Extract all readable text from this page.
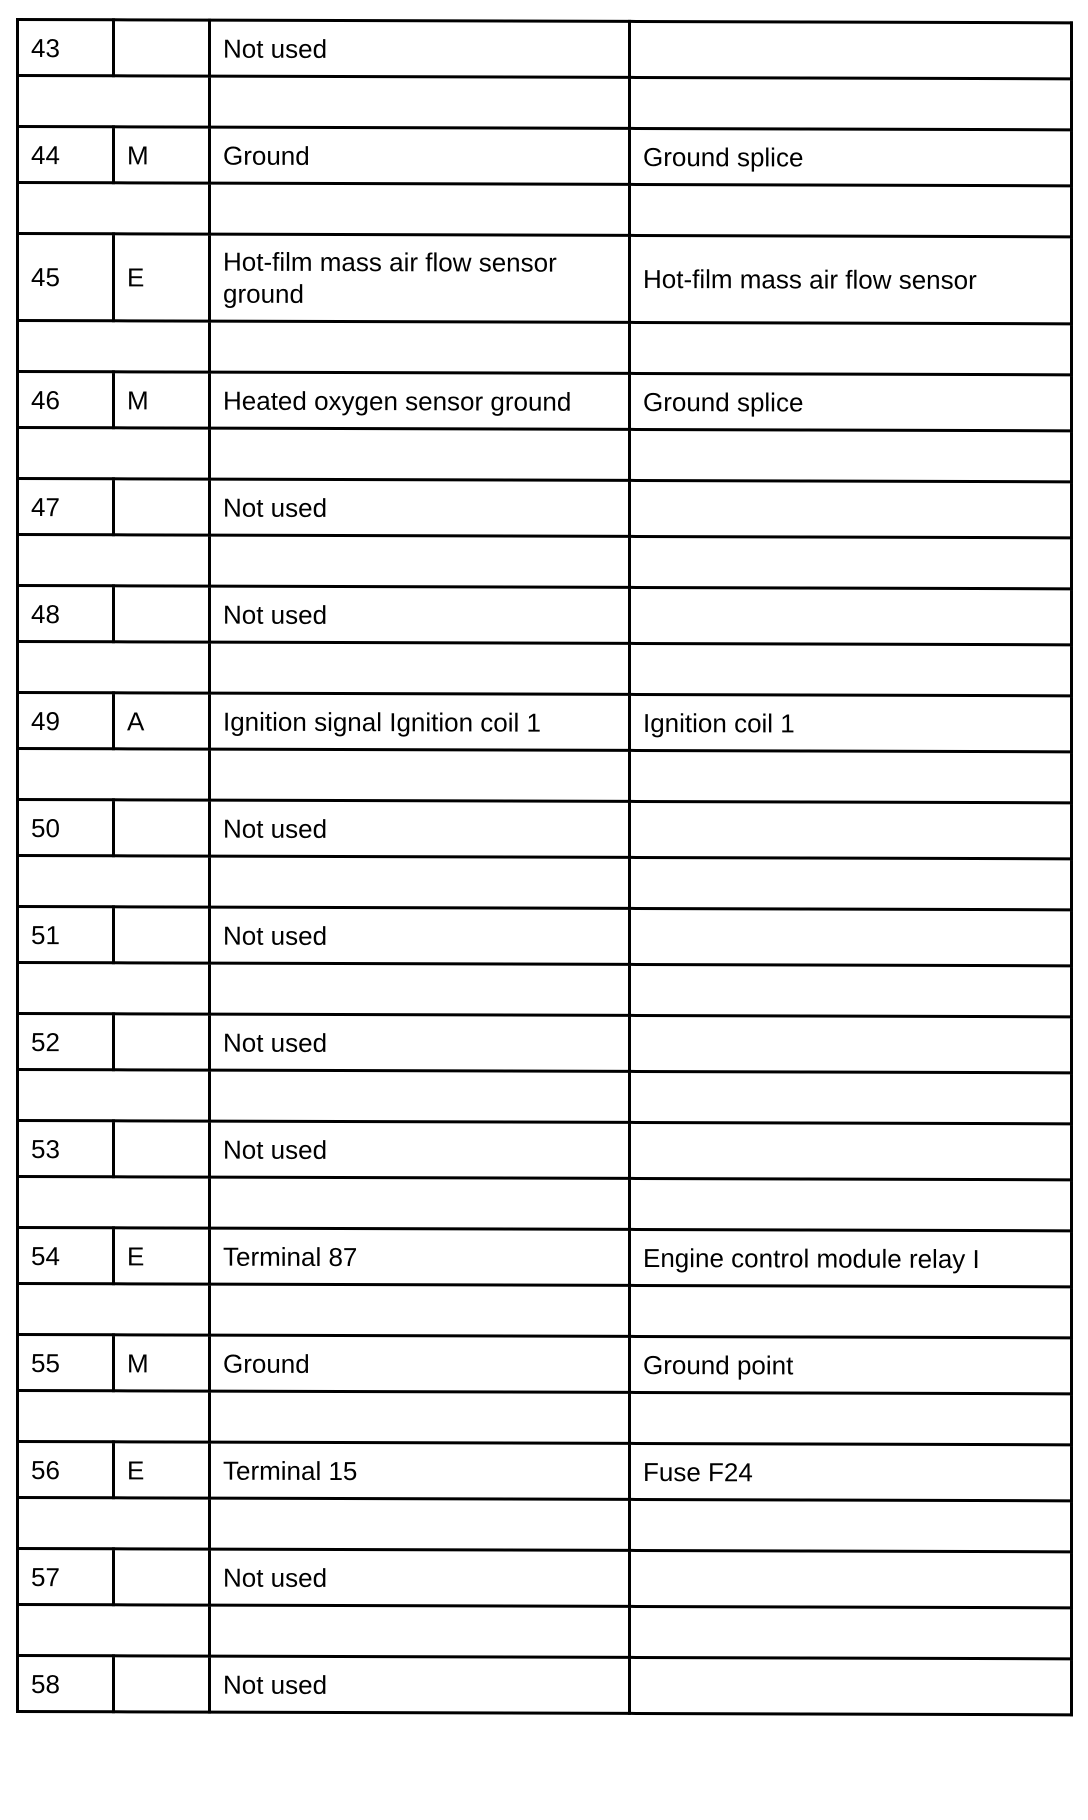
43		Not used	

44	M	Ground	Ground splice

45	E	Hot-film mass air flow sensor ground	Hot-film mass air flow sensor

46	M	Heated oxygen sensor ground	Ground splice

47		Not used	

48		Not used	

49	A	Ignition signal Ignition coil 1	Ignition coil 1

50		Not used	

51		Not used	

52		Not used	

53		Not used	

54	E	Terminal 87	Engine control module relay I

55	M	Ground	Ground point

56	E	Terminal 15	Fuse F24

57		Not used	

58		Not used	
